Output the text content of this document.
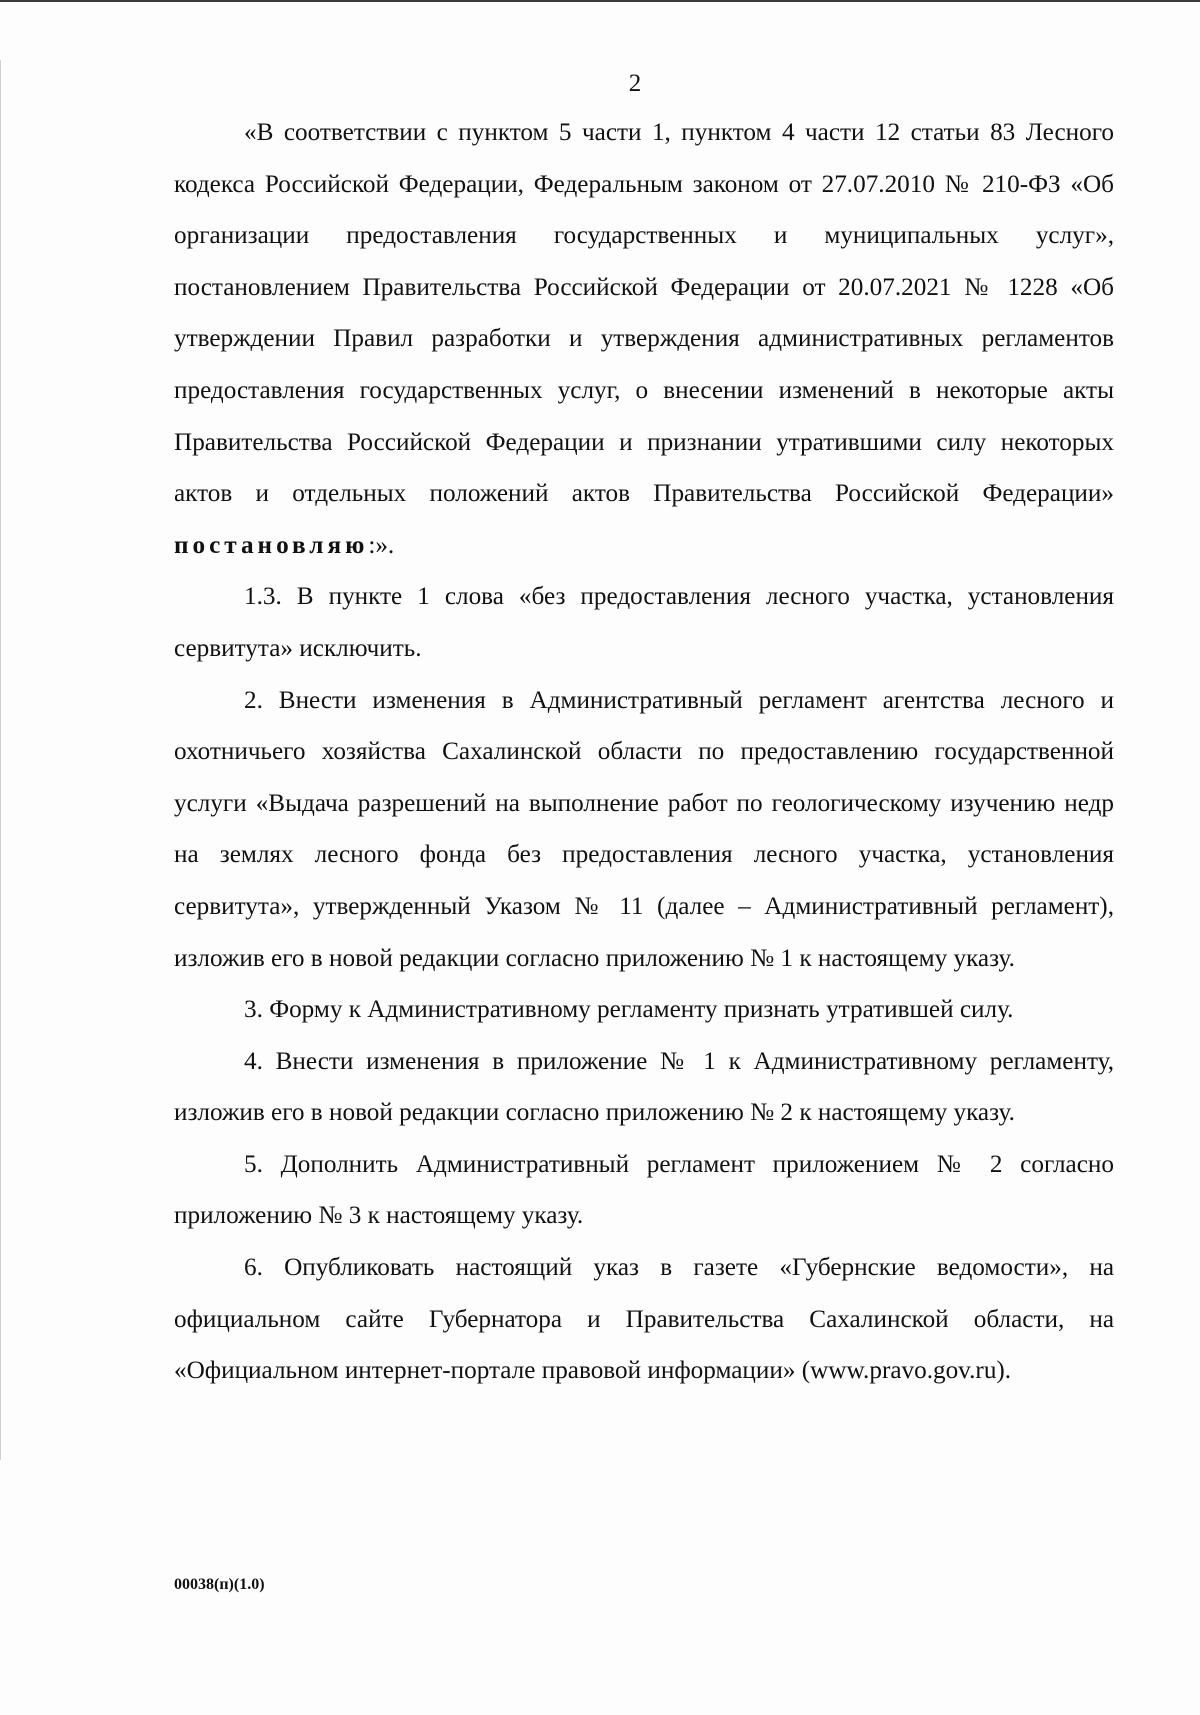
2

«В соответствии с пунктом 5 части 1, пунктом 4 части 12 статьи 83 Лесного кодекса Российской Федерации, Федеральным законом от 27.07.2010 № 210-ФЗ «Об организации предоставления государственных и муниципальных услуг», постановлением Правительства Российской Федерации от 20.07.2021 № 1228 «Об утверждении Правил разработки и утверждения административных регламентов предоставления государственных услуг, о внесении изменений в некоторые акты Правительства Российской Федерации и признании утратившими силу некоторых актов и отдельных положений актов Правительства Российской Федерации» постановляю:».

1.3. В пункте 1 слова «без предоставления лесного участка, установления сервитута» исключить.

2. Внести изменения в Административный регламент агентства лесного и охотничьего хозяйства Сахалинской области по предоставлению государственной услуги «Выдача разрешений на выполнение работ по геологическому изучению недр на землях лесного фонда без предоставления лесного участка, установления сервитута», утвержденный Указом № 11 (далее – Административный регламент), изложив его в новой редакции согласно приложению № 1 к настоящему указу.

3. Форму к Административному регламенту признать утратившей силу.

4. Внести изменения в приложение № 1 к Административному регламенту, изложив его в новой редакции согласно приложению № 2 к настоящему указу.

5. Дополнить Административный регламент приложением № 2 согласно приложению № 3 к настоящему указу.

6. Опубликовать настоящий указ в газете «Губернские ведомости», на официальном сайте Губернатора и Правительства Сахалинской области, на «Официальном интернет-портале правовой информации» (www.pravo.gov.ru).

00038(п)(1.0)
